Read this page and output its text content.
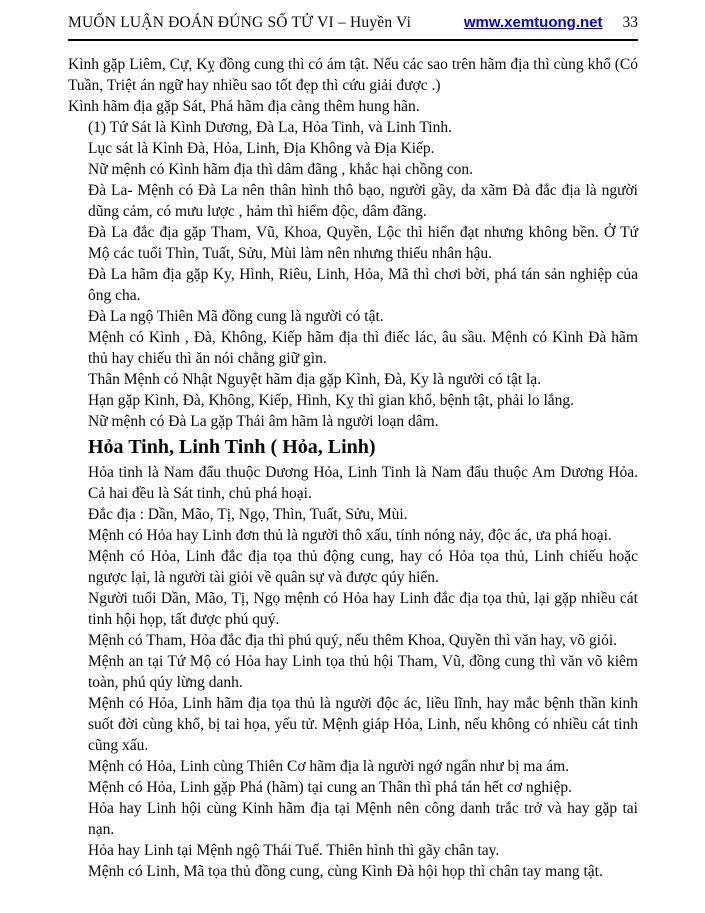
MUỐN LUẬN ĐOÁN ĐÚNG SỐ TỬ VI – Huyền Vi	wmw.xemtuong.net 33

Kình gặp Liêm, Cự, Kỵ đồng cung thì có ám tật. Nếu các sao trên hãm địa thì cùng khổ (Có Tuần, Triệt án ngữ hay nhiều sao tốt đẹp thì cứu giải được .)

Kình hãm địa gặp Sát, Phá hãm địa càng thêm hung hãn.

(1) Tứ Sát là Kình Dương, Đà La, Hỏa Tinh, và Linh Tinh.

Lục sát là Kình Đà, Hỏa, Linh, Địa Không và Địa Kiếp.

Nữ mệnh có Kình hãm địa thì dâm đãng , khắc hại chồng con.

Đà La- Mệnh có Đà La nên thân hình thô bạo, người gầy, da xãm Đà đắc địa là người dũng cảm, có mưu lược , hảm thì hiểm độc, dâm đãng.

Đà La đắc địa gặp Tham, Vũ, Khoa, Quyền, Lộc thì hiển đạt nhưng không bền. Ở Tứ Mộ các tuổi Thìn, Tuất, Sửu, Mùi làm nên nhưng thiếu nhân hậu.

Đà La hãm địa gặp Ky, Hình, Riêu, Linh, Hỏa, Mã thì chơi bời, phá tán sản nghiệp của ông cha.

Đà La ngộ Thiên Mã đồng cung là người có tật.

Mệnh có Kình , Đà, Không, Kiếp hãm địa thì điếc lác, âu sầu. Mệnh có Kình Đà hãm thủ hay chiếu thì ăn nói chẳng giữ gìn.

Thân Mệnh có Nhật Nguyệt hãm địa gặp Kình, Đà, Ky là người có tật lạ.

Hạn gặp Kình, Đà, Không, Kiếp, Hình, Kỵ thì gian khổ, bệnh tật, phải lo lắng.

Nữ mệnh có Đà La gặp Thái âm hãm là người loạn dâm.

Hỏa Tinh, Linh Tinh ( Hỏa, Linh)

Hỏa tinh là Nam đẩu thuộc Dương Hỏa, Linh Tinh là Nam đẩu thuộc Am Dương Hỏa. Cả hai đều là Sát tinh, chủ phá hoại.

Đắc địa : Dần, Mão, Tị, Ngọ, Thìn, Tuất, Sửu, Mùi.

Mệnh có Hỏa hay Linh đơn thủ là người thô xấu, tính nóng nảy, độc ác, ưa phá hoại.

Mệnh có Hỏa, Linh đắc địa tọa thủ động cung, hay có Hỏa tọa thủ, Linh chiếu hoặc ngược lại, là người tài giỏi về quân sự và được qúy hiển.

Người tuổi Dần, Mão, Tị, Ngọ mệnh có Hỏa hay Linh đắc địa tọa thủ, lại gặp nhiều cát tinh hội họp, tất được phú quý.

Mệnh có Tham, Hỏa đắc địa thì phú quý, nếu thêm Khoa, Quyền thì văn hay, võ giỏi.

Mệnh an tại Tứ Mộ có Hỏa hay Linh tọa thủ hội Tham, Vũ, đồng cung thì văn võ kiêm toàn, phú qúy lừng danh.

Mệnh có Hỏa, Linh hãm địa tọa thủ là người độc ác, liều lĩnh, hay mắc bệnh thần kinh suốt đời cùng khổ, bị tai họa, yếu tử. Mệnh giáp Hỏa, Linh, nếu không có nhiều cát tinh cũng xấu.

Mệnh có Hỏa, Linh cùng Thiên Cơ hãm địa là người ngớ ngẩn như bị ma ám.

Mệnh có Hỏa, Linh gặp Phá (hãm) tại cung an Thân thì phá tán hết cơ nghiệp.

Hỏa hay Linh hội cùng Kinh hãm địa tại Mệnh nên công danh trắc trở và hay gặp tai nạn.

Hỏa hay Linh tại Mệnh ngộ Thái Tuế. Thiên hình thì gãy chân tay.

Mệnh có Linh, Mã tọa thủ đồng cung, cùng Kình Đà hội họp thì chân tay mang tật.
